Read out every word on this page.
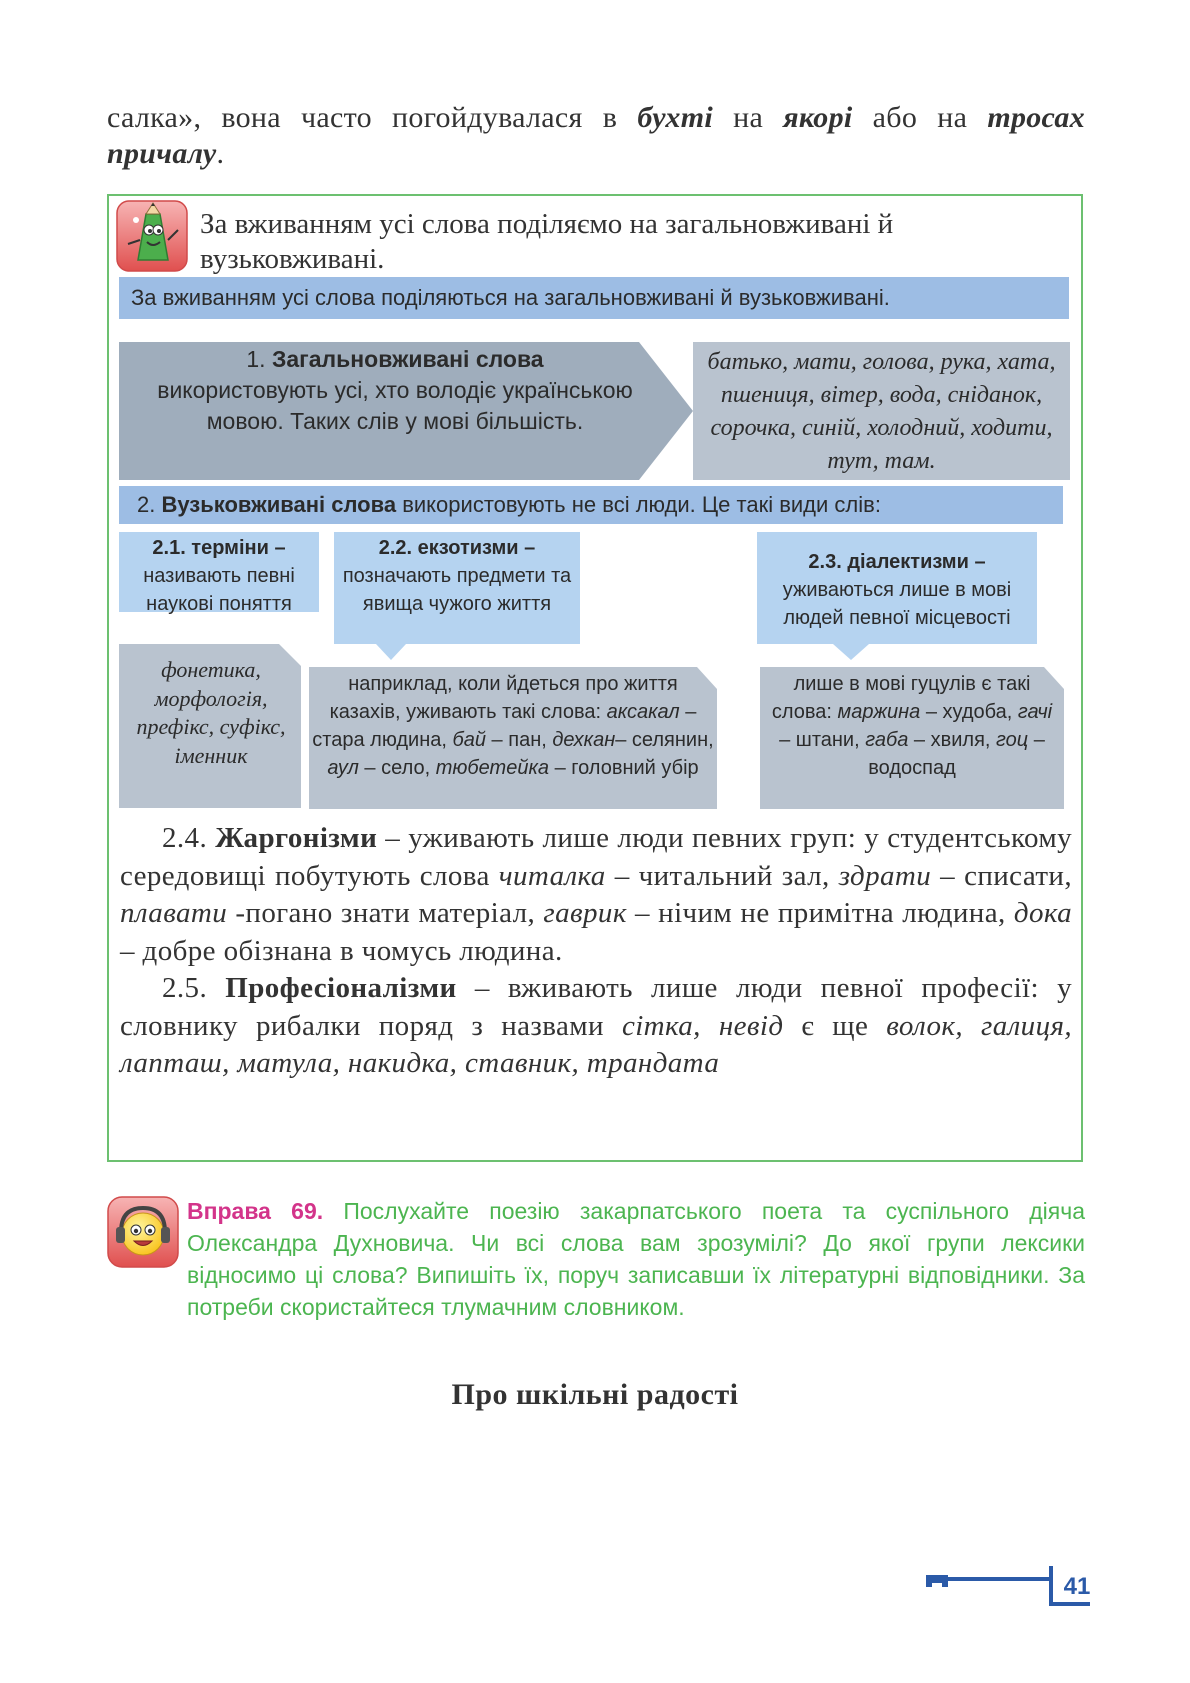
салка», вона часто погойдувалася в бухті на якорі або на тросах причалу.
За вживанням усі слова поділяємо на загальновживані й вузьковживані.
За вживанням усі слова поділяються на загальновживані й вузьковживані.
1. Загальновживані слова
використовують усі, хто володіє українською мовою. Таких слів у мові більшість.
батько, мати, голова, рука, хата, пшениця, вітер, вода, сніданок, сорочка, синій, холодний, ходити, тут, там.
2. Вузьковживані слова використовують не всі люди. Це такі види слів:
2.1. терміни –
називають певні наукові поняття
2.2. екзотизми –
позначають предмети та явища чужого життя
2.3. діалектизми –
уживаються лише в мові людей певної місцевості
фонетика, морфологія, префікс, суфікс, іменник
наприклад, коли йдеться про життя казахів, уживають такі слова: аксакал – стара людина, бай – пан, дехкан– селянин, аул – село, тюбетейка – головний убір
лише в мові гуцулів є такі слова: маржина – худоба, гачі – штани, габа – хвиля, гоц – водоспад

2.4. Жаргонізми – уживають лише люди певних груп: у студентському середовищі побутують слова читалка – читальний зал, здрати – списати, плавати -погано знати матеріал, гаврик – нічим не примітна людина, дока – добре обізнана в чомусь людина.

2.5. Професіоналізми – вживають лише люди певної професії: у словнику рибалки поряд з назвами сітка, невід є ще волок, галиця, лапташ, матула, накидка, ставник, трандата

Вправа 69. Послухайте поезію закарпатського поета та суспільного діяча Олександра Духновича. Чи всі слова вам зрозумілі? До якої групи лексики відносимо ці слова? Випишіть їх, поруч записавши їх літературні відповідники. За потреби скористайтеся тлумачним словником.
Про шкільні радості
41
